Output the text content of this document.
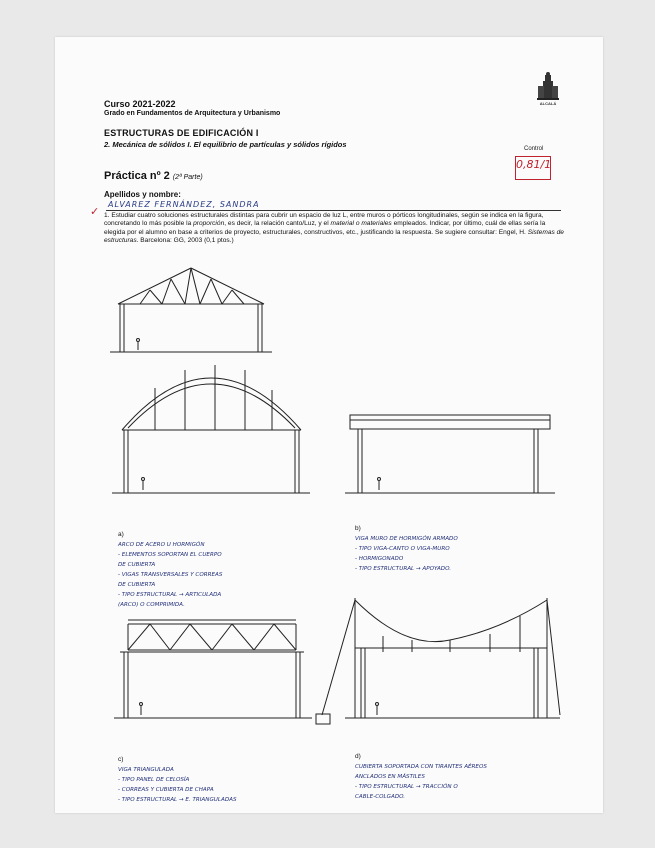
Curso 2021-2022
Grado en Fundamentos de Arquitectura y Urbanismo
ALCALÁ
ESTRUCTURAS DE EDIFICACIÓN I
2. Mecánica de sólidos I. El equilibrio de partículas y sólidos rígidos	Control
0,81/1
Práctica nº 2 (2ª Parte)
Apellidos y nombre:
ALVAREZ FERNÁNDEZ, SANDRA
✓ 1. Estudiar cuatro soluciones estructurales distintas para cubrir un espacio de luz L, entre muros o pórticos longitudinales, según se indica en la figura, concretando lo más posible la proporción, es decir, la relación canto/Luz, y el material o materiales empleados. Indicar, por último, cuál de ellas sería la elegida por el alumno en base a criterios de proyecto, estructurales, constructivos, etc., justificando la respuesta. Se sugiere consultar: Engel, H. Sistemas de estructuras. Barcelona: GG, 2003 (0,1 ptos.)

a)
ARCO DE ACERO U HORMIGÓN
- ELEMENTOS SOPORTAN EL CUERPO
DE CUBIERTA
- VIGAS TRANSVERSALES Y CORREAS
DE CUBIERTA
- TIPO ESTRUCTURAL → ARTICULADA
(ARCO) O COMPRIMIDA.

b)
VIGA MURO DE HORMIGÓN ARMADO
- TIPO VIGA-CANTO O VIGA-MURO
- HORMIGONADO
- TIPO ESTRUCTURAL → APOYADO.

c)
VIGA TRIANGULADA
- TIPO PANEL DE CELOSÍA
- CORREAS Y CUBIERTA DE CHAPA
- TIPO ESTRUCTURAL → E. TRIANGULADAS

d)
CUBIERTA SOPORTADA CON TIRANTES AÉREOS
ANCLADOS EN MÁSTILES
- TIPO ESTRUCTURAL → TRACCIÓN O
CABLE-COLGADO.
